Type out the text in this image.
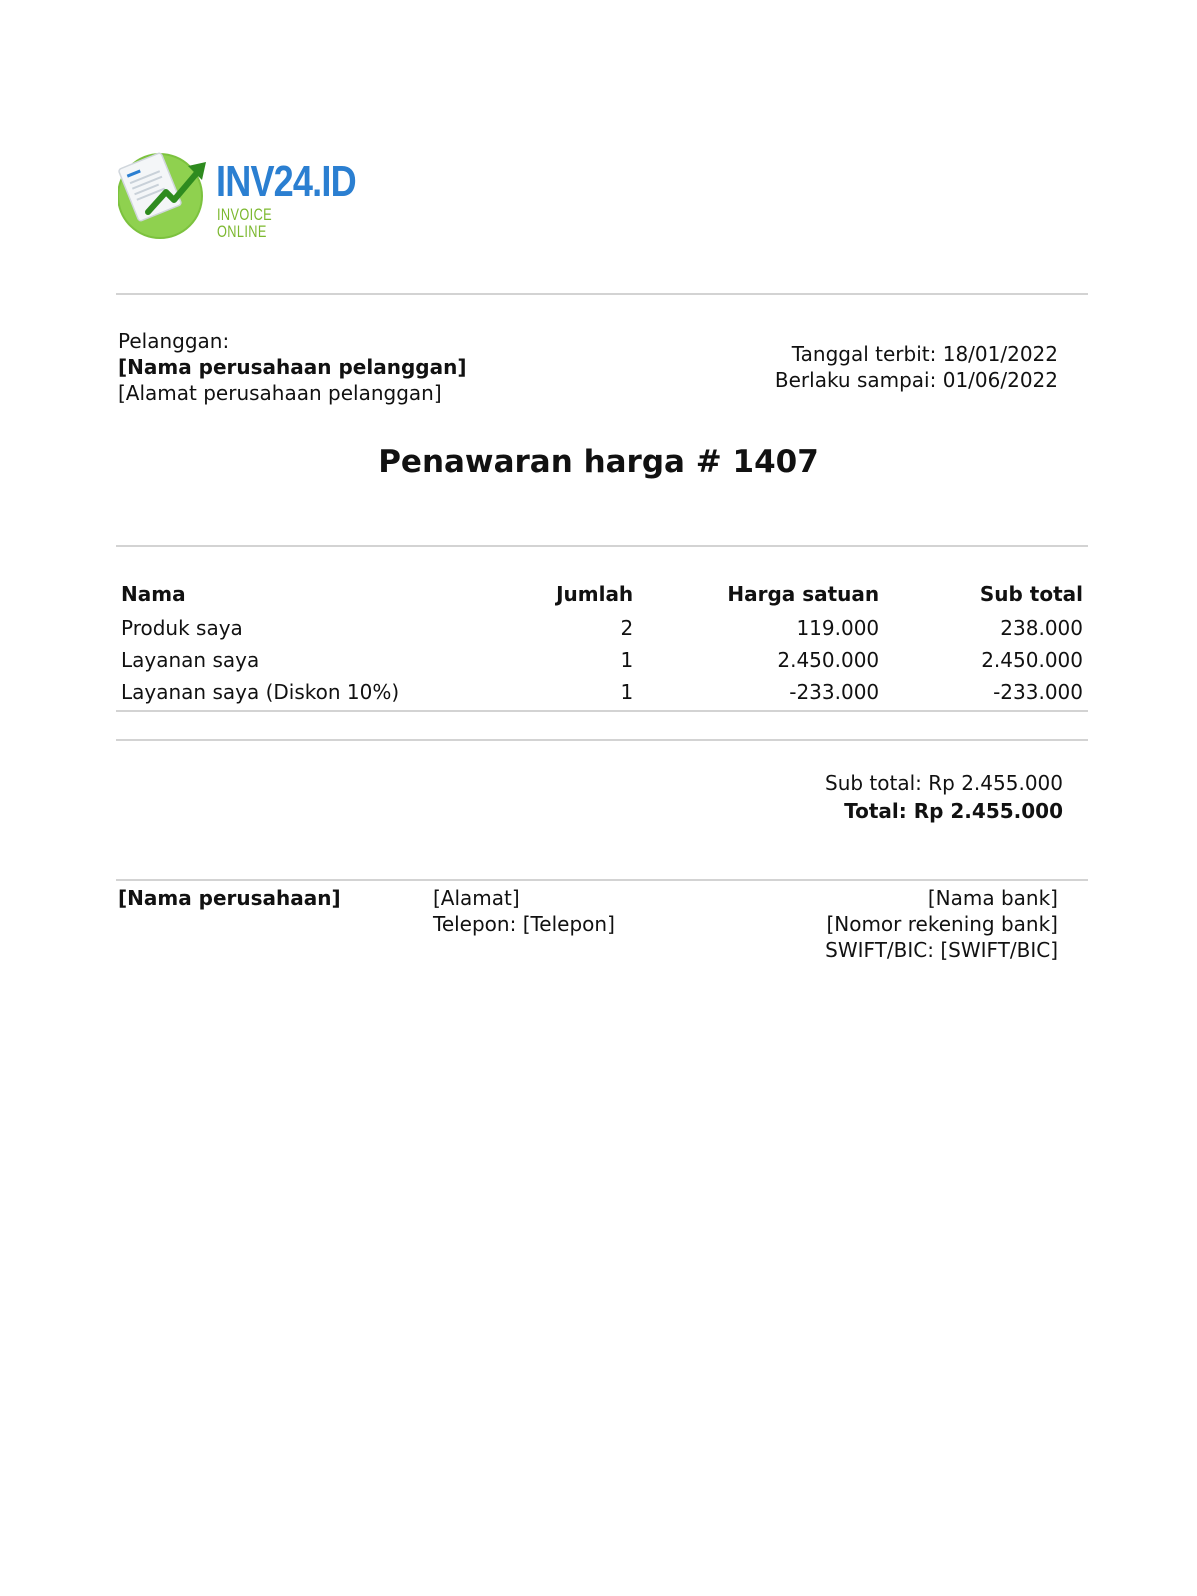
INV24.ID
INVOICE ONLINE
Pelanggan:
[Nama perusahaan pelanggan]
[Alamat perusahaan pelanggan]
Tanggal terbit: 18/01/2022
Berlaku sampai: 01/06/2022
Penawaran harga # 1407
Nama	Jumlah	Harga satuan	Sub total
Produk saya	2	119.000	238.000
Layanan saya	1	2.450.000	2.450.000
Layanan saya (Diskon 10%)	1	-233.000	-233.000
Sub total: Rp 2.455.000
Total: Rp 2.455.000
[Nama perusahaan]	[Alamat]
Telepon: [Telepon]
[Nama bank]
[Nomor rekening bank]
SWIFT/BIC: [SWIFT/BIC]
